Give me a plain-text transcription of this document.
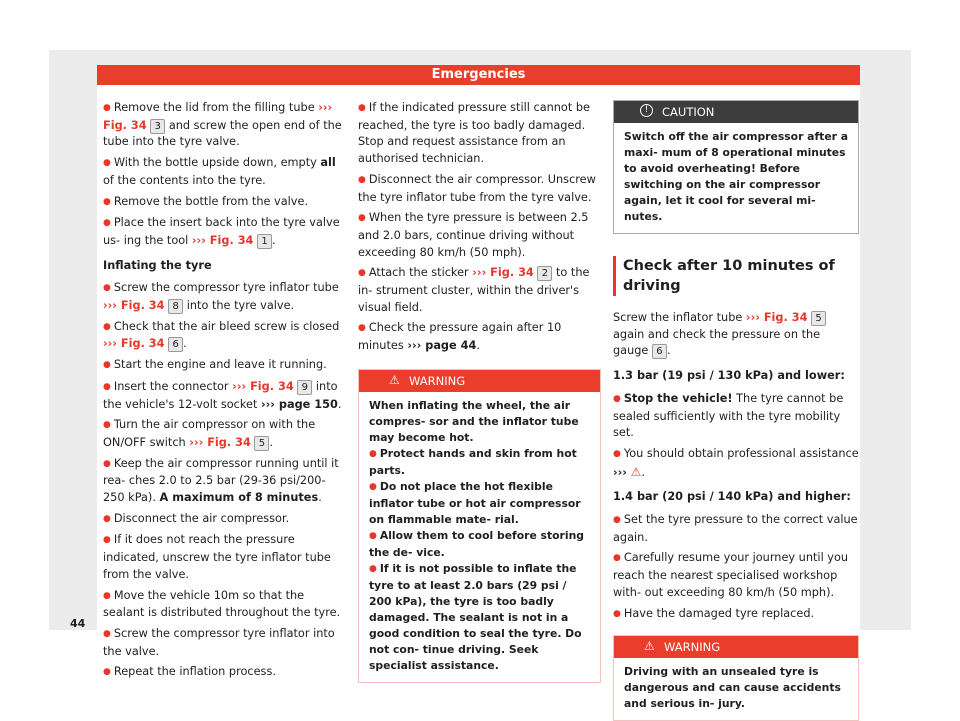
Emergencies

● Remove the lid from the filling tube ››› Fig. 34 3 and screw the open end of the tube into the tyre valve.

● With the bottle upside down, empty all of the contents into the tyre.

● Remove the bottle from the valve.

● Place the insert back into the tyre valve us- ing the tool ››› Fig. 34 1 .

Inflating the tyre

● Screw the compressor tyre inflator tube ››› Fig. 34 8 into the tyre valve.

● Check that the air bleed screw is closed ››› Fig. 34 6 .

● Start the engine and leave it running.

● Insert the connector ››› Fig. 34 9 into the vehicle's 12-volt socket ››› page 150.

● Turn the air compressor on with the ON/OFF switch ››› Fig. 34 5 .

● Keep the air compressor running until it rea- ches 2.0 to 2.5 bar (29-36 psi/200-250 kPa). A maximum of 8 minutes.

● Disconnect the air compressor.

● If it does not reach the pressure indicated, unscrew the tyre inflator tube from the valve.

● Move the vehicle 10m so that the sealant is distributed throughout the tyre.

● Screw the compressor tyre inflator into the valve.

● Repeat the inflation process.

● If the indicated pressure still cannot be reached, the tyre is too badly damaged. Stop and request assistance from an authorised technician.

● Disconnect the air compressor. Unscrew the tyre inflator tube from the tyre valve.

● When the tyre pressure is between 2.5 and 2.0 bars, continue driving without exceeding 80 km/h (50 mph).

● Attach the sticker ››› Fig. 34 2 to the in- strument cluster, within the driver's visual field.

● Check the pressure again after 10 minutes ››› page 44.

⚠ WARNING
When inflating the wheel, the air compres- sor and the inflator tube may become hot.
● Protect hands and skin from hot parts.
● Do not place the hot flexible inflator tube or hot air compressor on flammable mate- rial.
● Allow them to cool before storing the de- vice.
● If it is not possible to inflate the tyre to at least 2.0 bars (29 psi / 200 kPa), the tyre is too badly damaged. The sealant is not in a good condition to seal the tyre. Do not con- tinue driving. Seek specialist assistance.
!	CAUTION
Switch off the air compressor after a maxi- mum of 8 operational minutes to avoid overheating! Before switching on the air compressor again, let it cool for several mi- nutes.

Check after 10 minutes of driving

Screw the inflator tube ››› Fig. 34 5 again and check the pressure on the gauge 6 .

1.3 bar (19 psi / 130 kPa) and lower:

● Stop the vehicle! The tyre cannot be sealed sufficiently with the tyre mobility set.

● You should obtain professional assistance ››› ⚠.

1.4 bar (20 psi / 140 kPa) and higher:

● Set the tyre pressure to the correct value again.

● Carefully resume your journey until you reach the nearest specialised workshop with- out exceeding 80 km/h (50 mph).

● Have the damaged tyre replaced.

⚠ WARNING
Driving with an unsealed tyre is dangerous and can cause accidents and serious in- jury.
44
